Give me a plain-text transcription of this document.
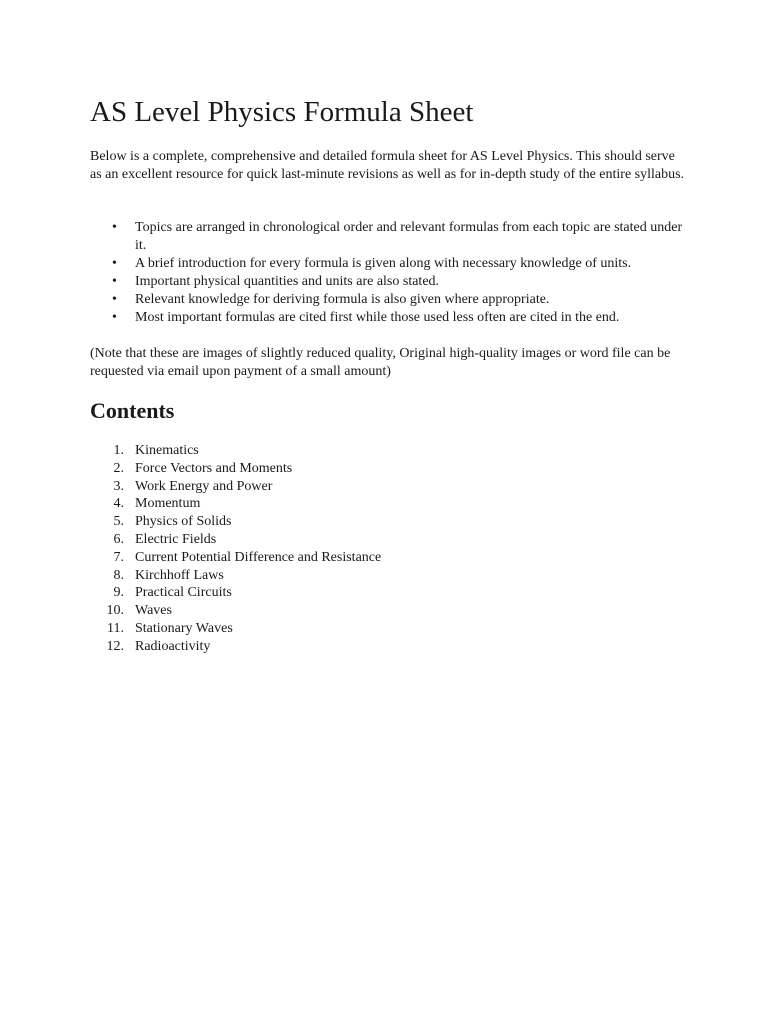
AS Level Physics Formula Sheet

Below is a complete, comprehensive and detailed formula sheet for AS Level Physics. This should serve as an excellent resource for quick last-minute revisions as well as for in-depth study of the entire syllabus.

• Topics are arranged in chronological order and relevant formulas from each topic are stated under it.
• A brief introduction for every formula is given along with necessary knowledge of units.
• Important physical quantities and units are also stated.
• Relevant knowledge for deriving formula is also given where appropriate.
• Most important formulas are cited first while those used less often are cited in the end.

(Note that these are images of slightly reduced quality, Original high-quality images or word file can be requested via email upon payment of a small amount)

Contents
1. Kinematics
2. Force Vectors and Moments
3. Work Energy and Power
4. Momentum
5. Physics of Solids
6. Electric Fields
7. Current Potential Difference and Resistance
8. Kirchhoff Laws
9. Practical Circuits
10. Waves
11. Stationary Waves
12. Radioactivity
